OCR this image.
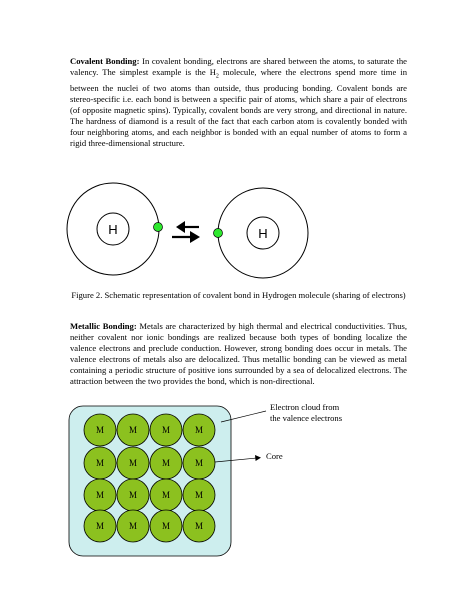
Covalent Bonding: In covalent bonding, electrons are shared between the atoms, to saturate the valency. The simplest example is the $H_2$ molecule, where the electrons spend more time in between the nuclei of two atoms than outside, thus producing bonding. Covalent bonds are stereo-specific i.e. each bond is between a specific pair of atoms, which share a pair of electrons (of opposite magnetic spins). Typically, covalent bonds are very strong, and directional in nature. The hardness of diamond is a result of the fact that each carbon atom is covalently bonded with four neighboring atoms, and each neighbor is bonded with an equal number of atoms to form a rigid three-dimensional structure.

H	H
M	M	M	M
M	M	M	M
M	M	M	M
M	M	M	M
Electron cloud from
the valence electrons
Core

Figure 2. Schematic representation of covalent bond in Hydrogen molecule (sharing of electrons)

Metallic Bonding: Metals are characterized by high thermal and electrical conductivities. Thus, neither covalent nor ionic bondings are realized because both types of bonding localize the valence electrons and preclude conduction. However, strong bonding does occur in metals. The valence electrons of metals also are delocalized. Thus metallic bonding can be viewed as metal containing a periodic structure of positive ions surrounded by a sea of delocalized electrons. The attraction between the two provides the bond, which is non-directional.
